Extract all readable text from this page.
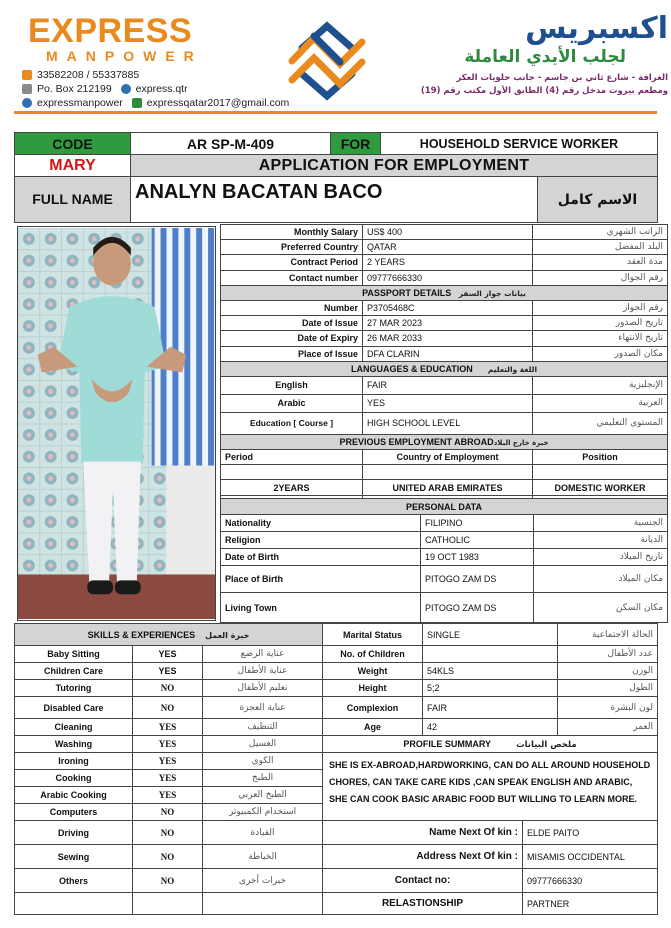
EXPRESS
MANPOWER
33582208 / 55337885
Po. Box 212199
express.qtr
expressmanpower
expressqatar2017@gmail.com
اكسبريس
لجلب الأيدي العاملة
الغرافة - شارع ثاني بن جاسم - جانب حلويات العكر
ومطعم بيروت مدخل رقم (4) الطابق الأول مكتب رقم (19)
CODE	AR SP-M-409	FOR	HOUSEHOLD SERVICE WORKER	
MARY	APPLICATION FOR EMPLOYMENT			
FULL NAME	ANALYN BACATAN BACO			الاسم كامل
Monthly Salary	US$ 400	الراتب الشهري
Preferred Country	QATAR	البلد المفضل
Contract Period	2 YEARS	مدة العقد
Contact number	09777666330	رقم الجوال
PASSPORT DETAILS بيانات جواز السفر		
Number	P3705468C	رقم الجواز
Date of Issue	27 MAR 2023	تاريخ الصدور
Date of Expiry	26 MAR 2033	تاريخ الانتهاء
Place of Issue	DFA CLARIN	مكان الصدور
LANGUAGES & EDUCATION اللغة والتعليم		
English	FAIR	الإنجليزية
Arabic	YES	العربية
Education [ Course ]	HIGH SCHOOL LEVEL	المستوى التعليمي
PREVIOUS EMPLOYMENT ABROADخبرة خارج البلاد		
Period	Country of Employment	Position

2YEARS	UNITED ARAB EMIRATES	DOMESTIC WORKER

PERSONAL DATA		
Nationality	FILIPINO	الجنسية
Religion	CATHOLIC	الديانة
Date of Birth	19 OCT 1983	تاريخ الميلاد
Place of Birth	PITOGO ZAM DS	مكان الميلاد
Living Town	PITOGO ZAM DS	مكان السكن
SKILLS & EXPERIENCES خبرة العمل			Marital Status	SINGLE		الحالة الاجتماعية
Baby Sitting	YES	عناية الرضع	No. of Children			عدد الأطفال
Children Care	YES	عناية الأطفال	Weight	54KLS		الوزن
Tutoring	NO	تعليم الأطفال	Height	5;2		الطول
Disabled Care	NO	عناية العجزة	Complexion	FAIR		لون البشرة
Cleaning	YES	التنظيف	Age	42		العمر
Washing	YES	الغسيل	PROFILE SUMMARY ملخص البيانات			
Ironing	YES	الكوي	SHE IS EX-ABROAD,HARDWORKING, CAN DO ALL AROUND HOUSEHOLD CHORES, CAN TAKE CARE KIDS ,CAN SPEAK ENGLISH AND ARABIC, SHE CAN COOK BASIC ARABIC FOOD BUT WILLING TO LEARN MORE.			
Cooking	YES	الطبخ				
Arabic Cooking	YES	الطبخ العربي				
Computers	NO	استخدام الكمبيوتر				
Driving	NO	القيادة	Name Next Of kin :		ELDE PAITO	
Sewing	NO	الخياطة	Address Next Of kin :		MISAMIS OCCIDENTAL	
Others	NO	خبرات أخرى	Contact no:		09777666330	
			RELASTIONSHIP		PARTNER	
